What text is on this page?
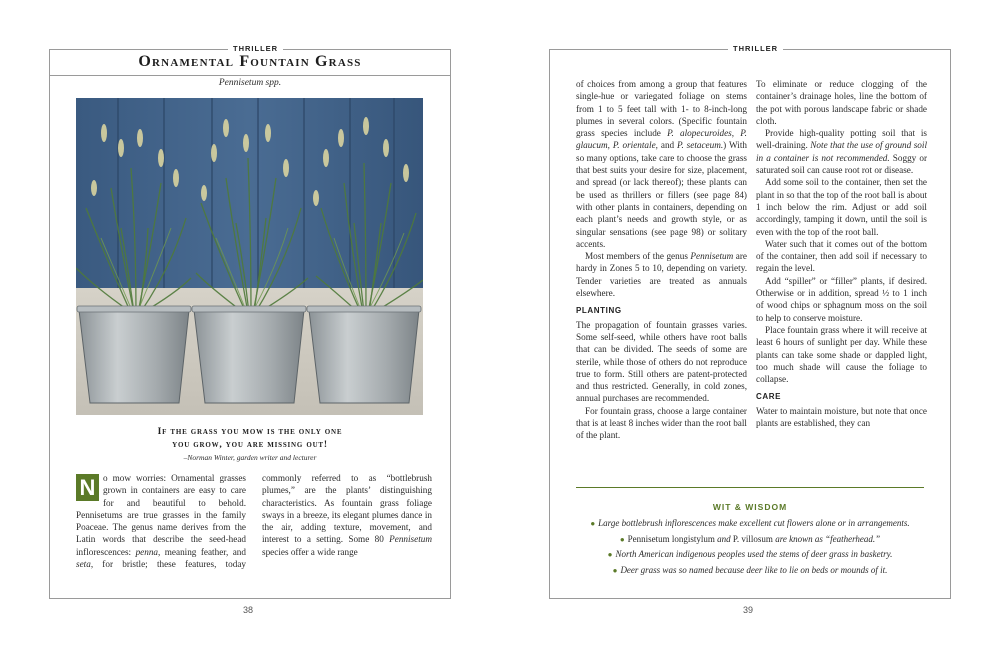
THRILLER
Ornamental Fountain Grass
Pennisetum spp.
If the grass you mow is the only one
you grow, you are missing out!
–Norman Winter, garden writer and lecturer

N o mow worries: Ornamental grasses grown in containers are easy to care for and beautiful to behold. Pennisetums are true grasses in the family Poaceae. The genus name derives from the Latin words that describe the seed-head inflorescences: penna, meaning feather, and seta, for bristle; these features, today commonly referred to as “bottlebrush plumes,” are the plants’ distinguishing characteristics. As fountain grass foliage sways in a breeze, its elegant plumes dance in the air, adding texture, movement, and interest to a setting. Some 80 Pennisetum species offer a wide range

38
THRILLER

of choices from among a group that features single-hue or variegated foliage on stems from 1 to 5 feet tall with 1- to 8-inch-long plumes in several colors. (Specific fountain grass species include P. alopecuroides, P. glaucum, P. orientale, and P. setaceum.) With so many options, take care to choose the grass that best suits your desire for size, placement, and spread (or lack thereof); these plants can be used as thrillers or fillers (see page 84) with other plants in containers, depending on each plant’s needs and growth style, or as singular sensations (see page 98) or solitary accents.

Most members of the genus Pennisetum are hardy in Zones 5 to 10, depending on variety. Tender varieties are treated as annuals elsewhere.

PLANTING

The propagation of fountain grasses varies. Some self-seed, while others have root balls that can be divided. The seeds of some are sterile, while those of others do not reproduce true to form. Still others are patent-protected and thus restricted. Generally, in cold zones, annual purchases are recommended.

For fountain grass, choose a large container that is at least 8 inches wider than the root ball of the plant.

To eliminate or reduce clogging of the container’s drainage holes, line the bottom of the pot with porous landscape fabric or shade cloth.

Provide high-quality potting soil that is well-draining. Note that the use of ground soil in a container is not recommended. Soggy or saturated soil can cause root rot or disease.

Add some soil to the container, then set the plant in so that the top of the root ball is about 1 inch below the rim. Adjust or add soil accordingly, tamping it down, until the soil is even with the top of the root ball.

Water such that it comes out of the bottom of the container, then add soil if necessary to regain the level.

Add “spiller” or “filler” plants, if desired. Otherwise or in addition, spread ½ to 1 inch of wood chips or sphagnum moss on the soil to help to conserve moisture.

Place fountain grass where it will receive at least 6 hours of sunlight per day. While these plants can take some shade or dappled light, too much shade will cause the foliage to collapse.

CARE

Water to maintain moisture, but note that once plants are established, they can

WIT & WISDOM
● Large bottlebrush inflorescences make excellent cut flowers alone or in arrangements.
● Pennisetum longistylum and P. villosum are known as “featherhead.”
● North American indigenous peoples used the stems of deer grass in basketry.
● Deer grass was so named because deer like to lie on beds or mounds of it.
39
